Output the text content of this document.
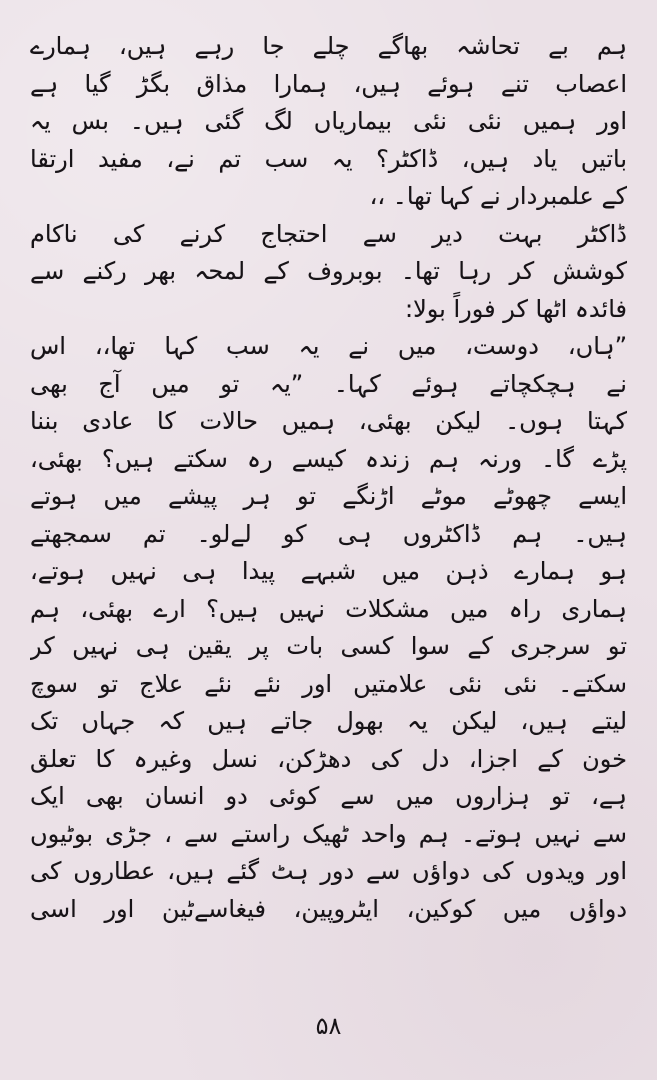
ہم بے تحاشہ بھاگے چلے جا رہے ہیں، ہمارے
اعصاب تنے ہوئے ہیں، ہمارا مذاق بگڑ گیا ہے
اور ہمیں نئی نئی بیماریاں لگ گئی ہیں۔ بس یہ
باتیں یاد ہیں، ڈاکٹر؟ یہ سب تم نے، مفید ارتقا
کے علمبردار نے کہا تھا۔ ،،
ڈاکٹر بہت دیر سے احتجاج کرنے کی ناکام
کوشش کر رہا تھا۔ بوبروف کے لمحہ بھر رکنے سے
فائدہ اٹھا کر فوراً بولا:
”ہاں، دوست، میں نے یہ سب کہا تھا،، اس
نے ہچکچاتے ہوئے کہا۔ ”یہ تو میں آج بھی
کہتا ہوں۔ لیکن بھئی، ہمیں حالات کا عادی بننا
پڑے گا۔ ورنہ ہم زندہ کیسے رہ سکتے ہیں؟ بھئی،
ایسے چھوٹے موٹے اڑنگے تو ہر پیشے میں ہوتے
ہیں۔ ہم ڈاکٹروں ہی کو لےلو۔ تم سمجھتے
ہو ہمارے ذہن میں شبہے پیدا ہی نہیں ہوتے،
ہماری راہ میں مشکلات نہیں ہیں؟ ارے بھئی، ہم
تو سرجری کے سوا کسی بات پر یقین ہی نہیں کر
سکتے۔ نئی نئی علامتیں اور نئے نئے علاج تو سوچ
لیتے ہیں، لیکن یہ بھول جاتے ہیں کہ جہاں تک
خون کے اجزا، دل کی دھڑکن، نسل وغیرہ کا تعلق
ہے، تو ہزاروں میں سے کوئی دو انسان بھی ایک
سے نہیں ہوتے۔ ہم واحد ٹھیک راستے سے ، جڑی بوٹیوں
اور ویدوں کی دواؤں سے دور ہٹ گئے ہیں، عطاروں کی
دواؤں میں کوکین، ایٹروپین، فیغاسےٹین اور اسی
۵۸
